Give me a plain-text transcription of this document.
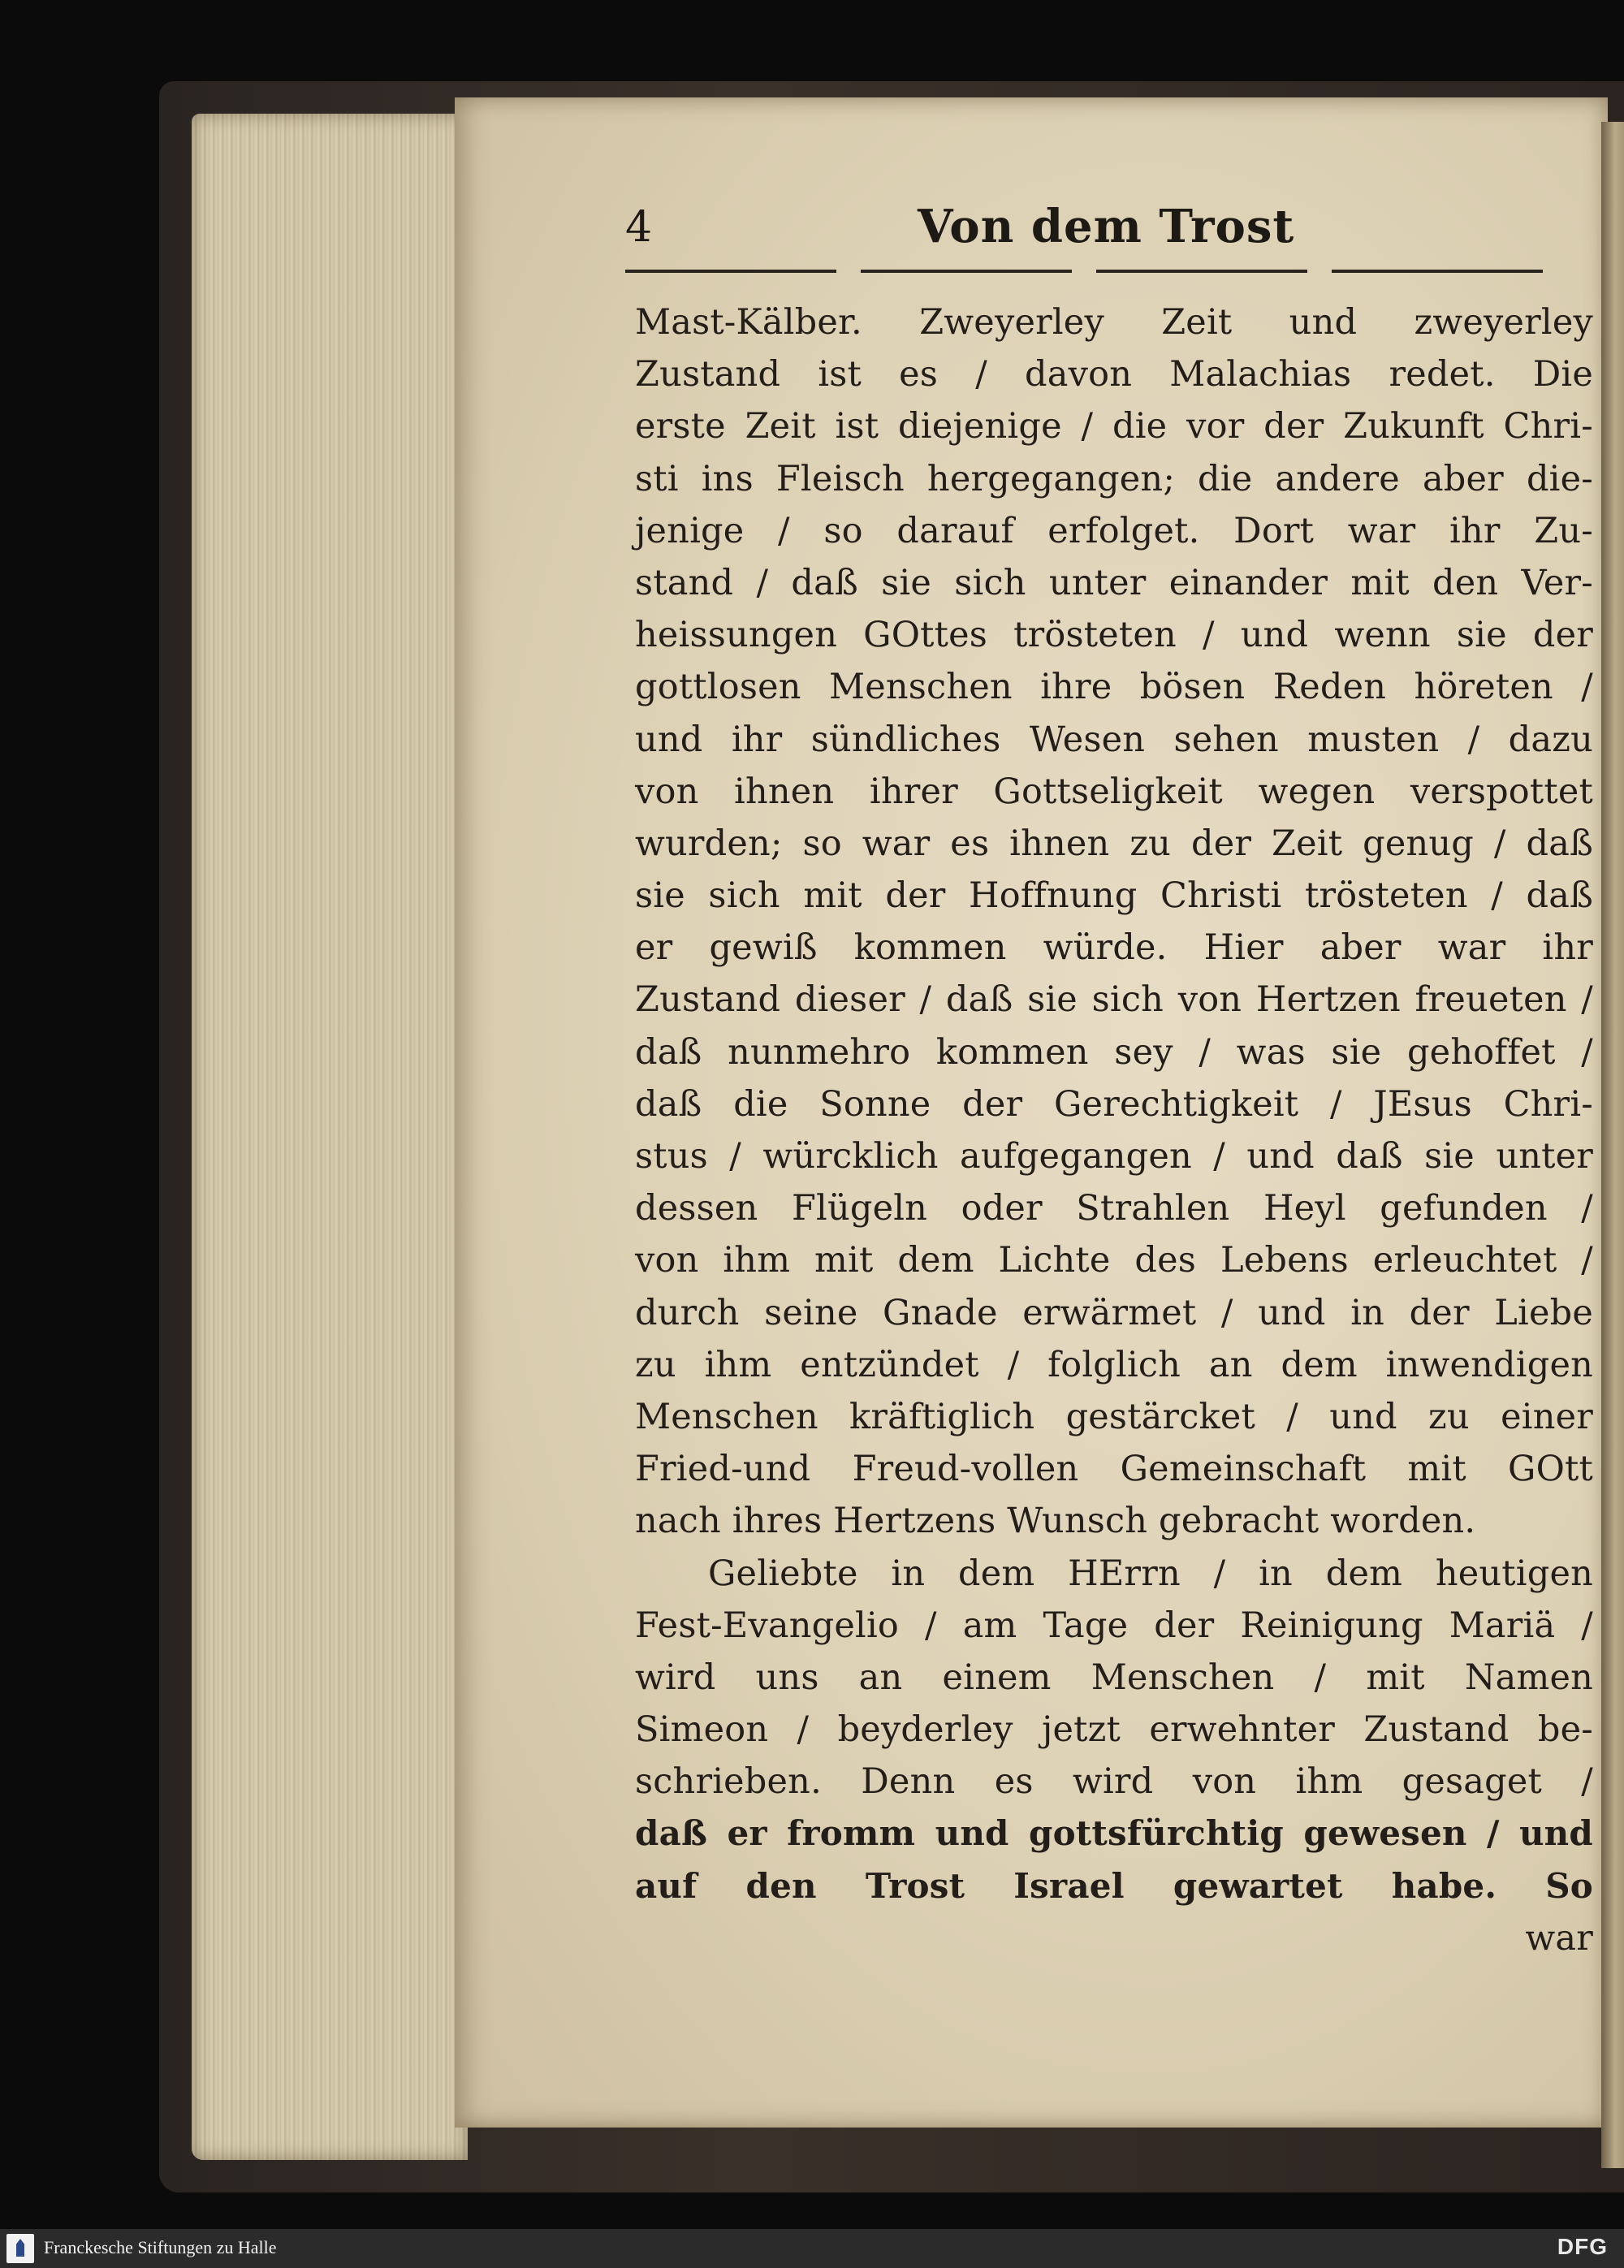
4	Von dem Trost
Mast-Kälber. Zweyerley Zeit und zweyerley
Zustand ist es / davon Malachias redet. Die
erste Zeit ist diejenige / die vor der Zukunft Chri-
sti ins Fleisch hergegangen; die andere aber die-
jenige / so darauf erfolget. Dort war ihr Zu-
stand / daß sie sich unter einander mit den Ver-
heissungen GOttes trösteten / und wenn sie der
gottlosen Menschen ihre bösen Reden höreten /
und ihr sündliches Wesen sehen musten / dazu
von ihnen ihrer Gottseligkeit wegen verspottet
wurden; so war es ihnen zu der Zeit genug / daß
sie sich mit der Hoffnung Christi trösteten / daß
er gewiß kommen würde. Hier aber war ihr
Zustand dieser / daß sie sich von Hertzen freueten /
daß nunmehro kommen sey / was sie gehoffet /
daß die Sonne der Gerechtigkeit / JEsus Chri-
stus / würcklich aufgegangen / und daß sie unter
dessen Flügeln oder Strahlen Heyl gefunden /
von ihm mit dem Lichte des Lebens erleuchtet /
durch seine Gnade erwärmet / und in der Liebe
zu ihm entzündet / folglich an dem inwendigen
Menschen kräftiglich gestärcket / und zu einer
Fried-und Freud-vollen Gemeinschaft mit GOtt
nach ihres Hertzens Wunsch gebracht worden.
Geliebte in dem HErrn / in dem heutigen
Fest-Evangelio / am Tage der Reinigung Mariä /
wird uns an einem Menschen / mit Namen
Simeon / beyderley jetzt erwehnter Zustand be-
schrieben. Denn es wird von ihm gesaget /
daß er fromm und gottsfürchtig gewesen / und
auf den Trost Israel gewartet habe. So
war
Franckesche Stiftungen zu Halle	DFG
